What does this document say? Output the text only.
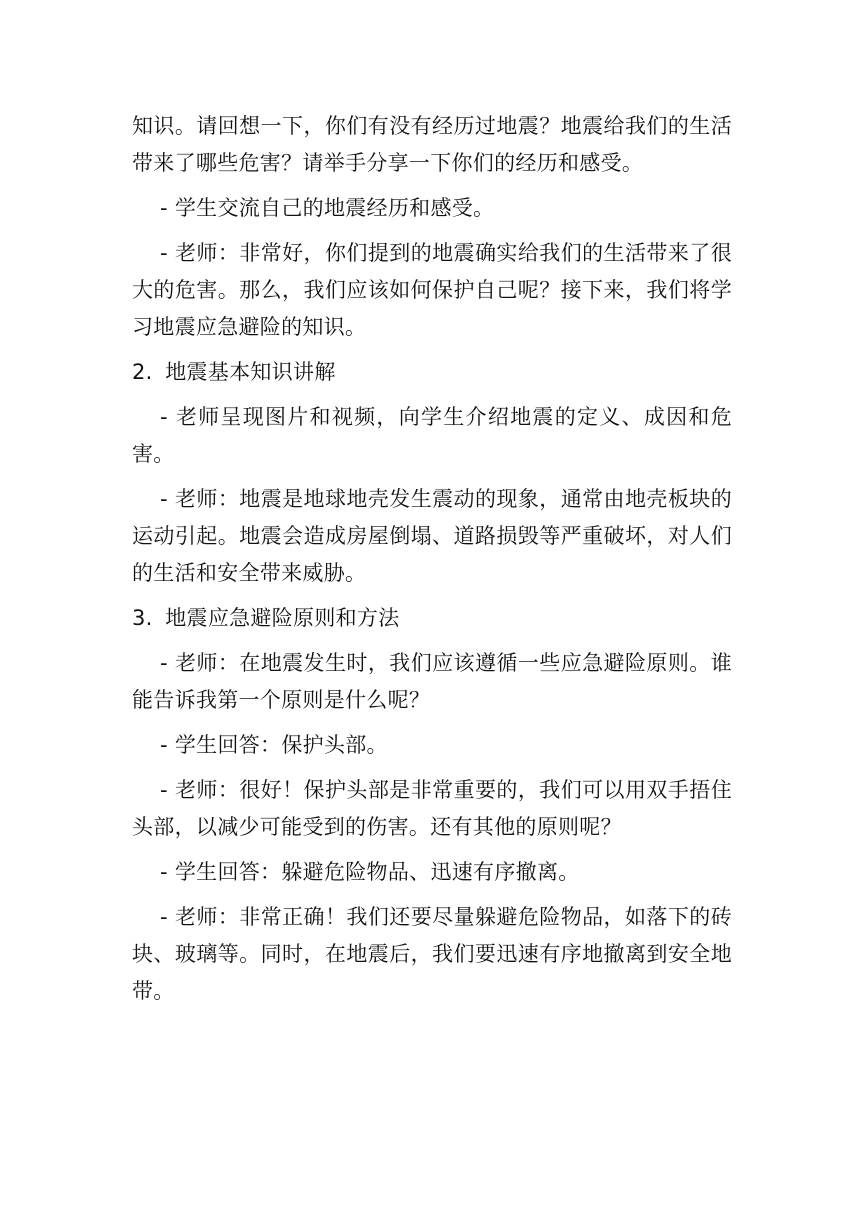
知识。请回想一下，你们有没有经历过地震？地震给我们的生活带来了哪些危害？请举手分享一下你们的经历和感受。

- 学生交流自己的地震经历和感受。

- 老师：非常好，你们提到的地震确实给我们的生活带来了很大的危害。那么，我们应该如何保护自己呢？接下来，我们将学习地震应急避险的知识。

2. 地震基本知识讲解

- 老师呈现图片和视频，向学生介绍地震的定义、成因和危害。

- 老师：地震是地球地壳发生震动的现象，通常由地壳板块的运动引起。地震会造成房屋倒塌、道路损毁等严重破坏，对人们的生活和安全带来威胁。

3. 地震应急避险原则和方法

- 老师：在地震发生时，我们应该遵循一些应急避险原则。谁能告诉我第一个原则是什么呢？

- 学生回答：保护头部。

- 老师：很好！保护头部是非常重要的，我们可以用双手捂住头部，以减少可能受到的伤害。还有其他的原则呢？

- 学生回答：躲避危险物品、迅速有序撤离。

- 老师：非常正确！我们还要尽量躲避危险物品，如落下的砖块、玻璃等。同时，在地震后，我们要迅速有序地撤离到安全地带。
